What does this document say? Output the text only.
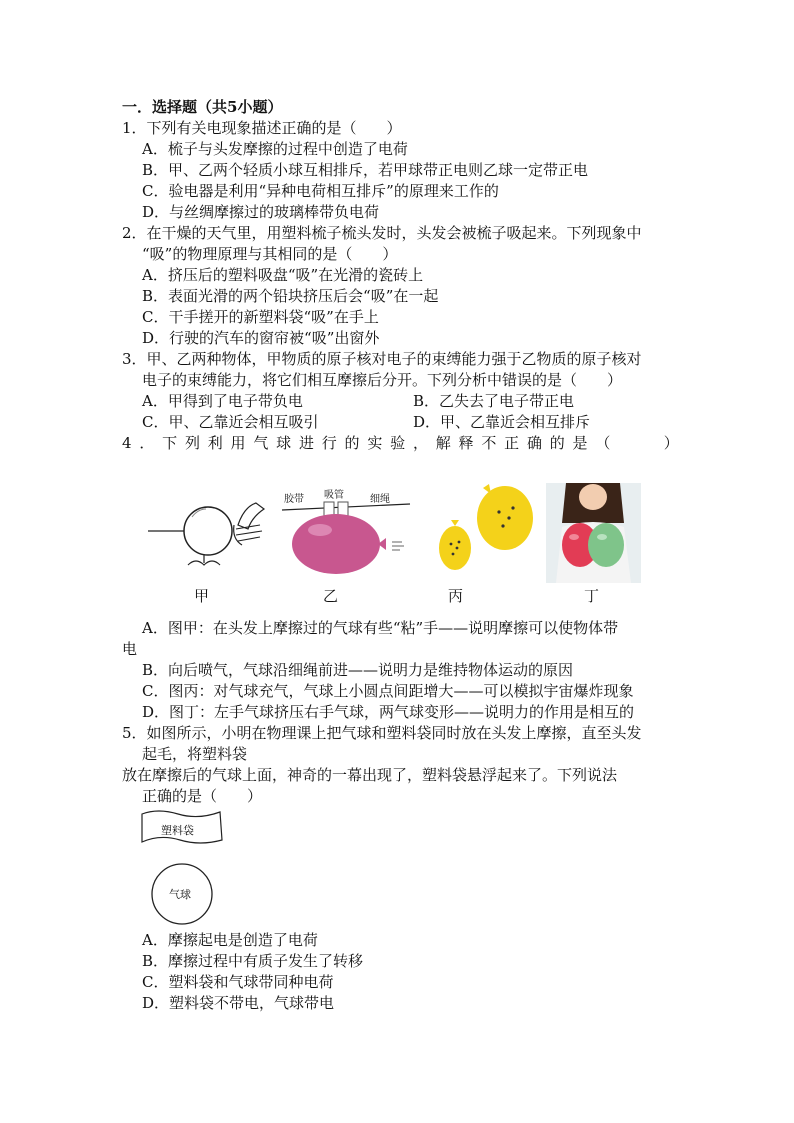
一．选择题（共5小题）
1．下列有关电现象描述正确的是（　　）
A．梳子与头发摩擦的过程中创造了电荷
B．甲、乙两个轻质小球互相排斥，若甲球带正电则乙球一定带正电
C．验电器是利用“异种电荷相互排斥”的原理来工作的
D．与丝绸摩擦过的玻璃棒带负电荷
2．在干燥的天气里，用塑料梳子梳头发时，头发会被梳子吸起来。下列现象中
“吸”的物理原理与其相同的是（　　）
A．挤压后的塑料吸盘“吸”在光滑的瓷砖上
B．表面光滑的两个铅块挤压后会“吸”在一起
C．干手搓开的新塑料袋“吸”在手上
D．行驶的汽车的窗帘被“吸”出窗外
3．甲、乙两种物体，甲物质的原子核对电子的束缚能力强于乙物质的原子核对
电子的束缚能力，将它们相互摩擦后分开。下列分析中错误的是（　　）
A．甲得到了电子带负电	B．乙失去了电子带正电
C．甲、乙靠近会相互吸引	D．甲、乙靠近会相互排斥
4．下列利用气球进行的实验，解释不正确的是（　　）
胶带 吸管	细绳
甲	乙	丙	丁
A．图甲：在头发上摩擦过的气球有些“粘”手——说明摩擦可以使物体带
电
B．向后喷气，气球沿细绳前进——说明力是维持物体运动的原因
C．图丙：对气球充气，气球上小圆点间距增大——可以模拟宇宙爆炸现象
D．图丁：左手气球挤压右手气球，两气球变形——说明力的作用是相互的
5．如图所示，小明在物理课上把气球和塑料袋同时放在头发上摩擦，直至头发
起毛，将塑料袋
放在摩擦后的气球上面，神奇的一幕出现了，塑料袋悬浮起来了。下列说法
正确的是（　　）
塑料袋
气球
A．摩擦起电是创造了电荷
B．摩擦过程中有质子发生了转移
C．塑料袋和气球带同种电荷
D．塑料袋不带电，气球带电
